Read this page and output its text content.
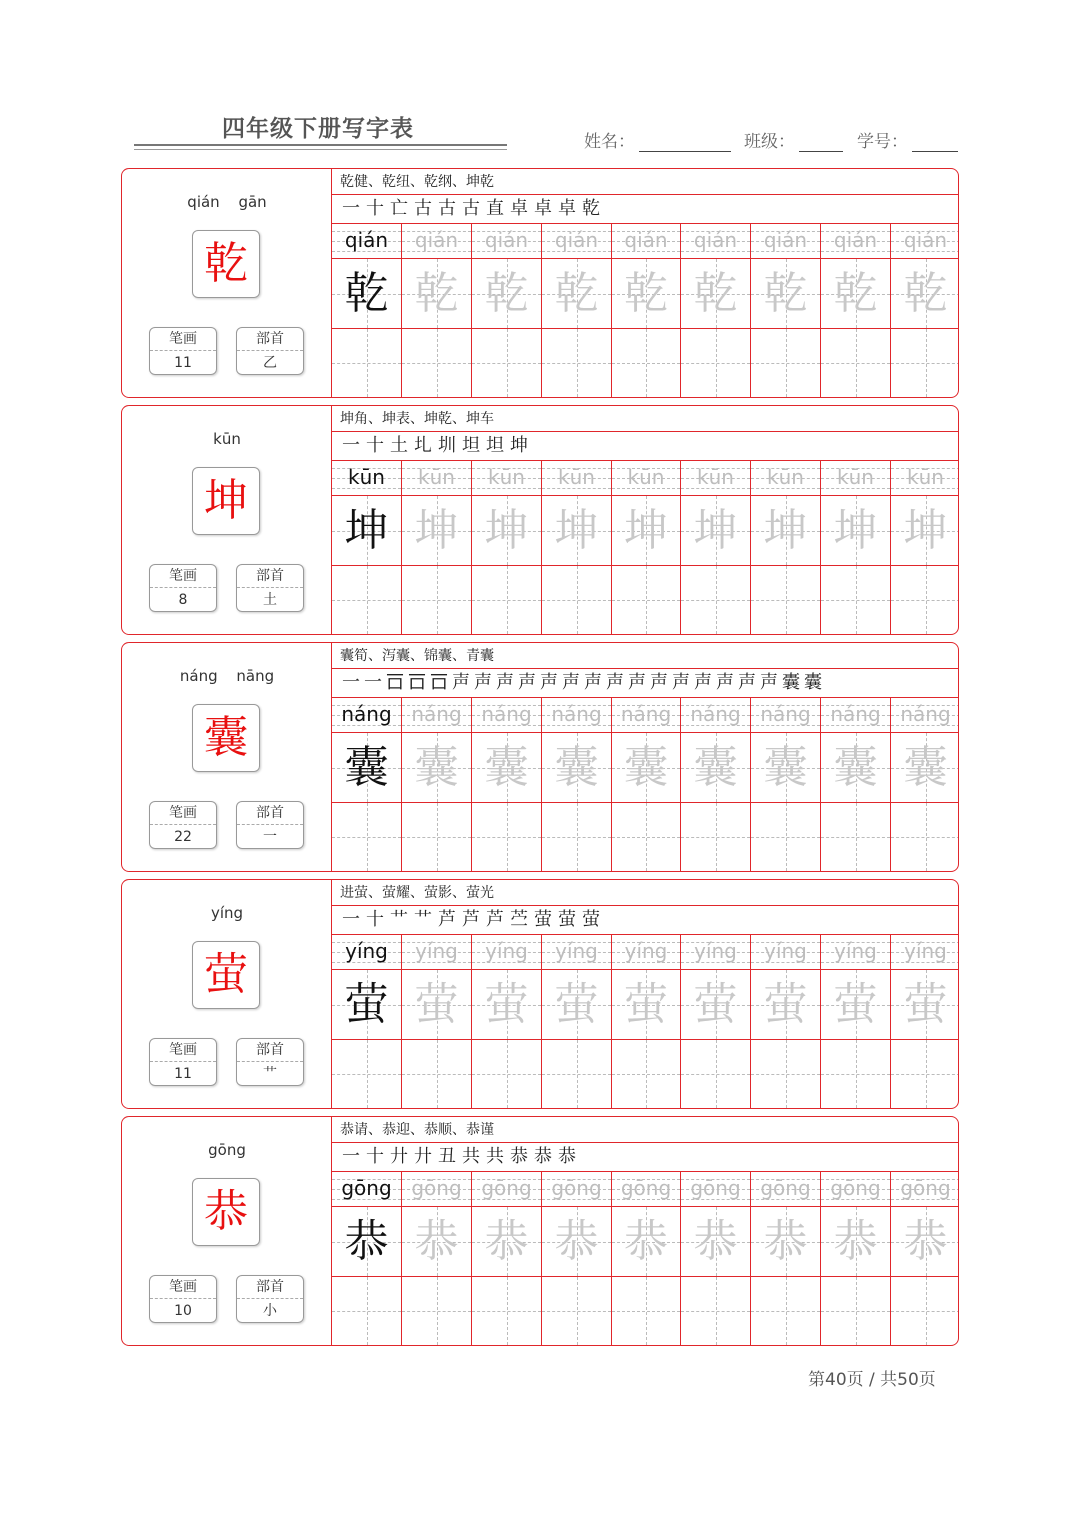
四年级下册写字表	姓名：	班级：	学号：
qián gān
乾
笔画
11
部首
乙
乾健、乾纽、乾纲、坤乾
一 十 亡 古 古 古 直 卓 卓 卓 乾
qián
乾
qián
乾
qián
乾
qián
乾
qián
乾
qián
乾
qián
乾
qián
乾
qián
乾
kūn
坤
笔画
8
部首
土
坤角、坤表、坤乾、坤车
一 十 土 圠 圳 坦 坦 坤
kūn
坤
kūn
坤
kūn
坤
kūn
坤
kūn
坤
kūn
坤
kūn
坤
kūn
坤
kūn
坤
náng nāng
囊
笔画
22
部首
一
囊筍、泻囊、锦囊、青囊
一 一 𠮛 𠮛 𠮛 声 声 声 声 声 声 声 声 声 声 声 声 声 声 声 囊 囊
náng
囊
náng
囊
náng
囊
náng
囊
náng
囊
náng
囊
náng
囊
náng
囊
náng
囊
yíng
萤
笔画
11
部首
艹
进萤、萤耀、萤影、萤光
一 十 艹 艹 芦 芦 芦 苎 萤 萤 萤
yíng
萤
yíng
萤
yíng
萤
yíng
萤
yíng
萤
yíng
萤
yíng
萤
yíng
萤
yíng
萤
gōng
恭
笔画
10
部首
小
恭请、恭迎、恭顺、恭谨
一 十 廾 廾 丑 共 共 恭 恭 恭
gōng
恭
gōng
恭
gōng
恭
gōng
恭
gōng
恭
gōng
恭
gōng
恭
gōng
恭
gōng
恭
第40页 / 共50页
